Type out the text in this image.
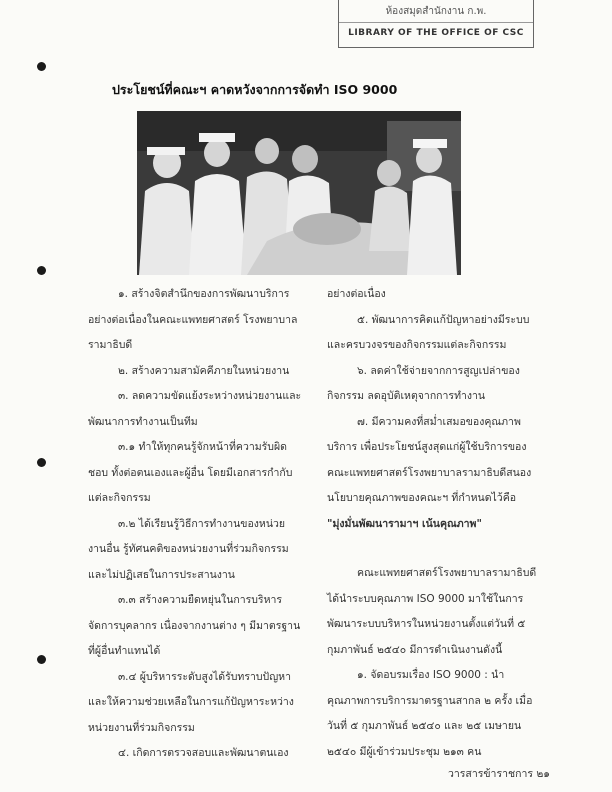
ห้องสมุดสำนักงาน ก.พ.
LIBRARY OF THE OFFICE OF CSC
ประโยชน์ที่คณะฯ คาดหวังจากการจัดทำ ISO 9000

๑. สร้างจิตสำนึกของการพัฒนาบริการอย่างต่อเนื่องในคณะแพทยศาสตร์ โรงพยาบาลรามาธิบดี

๒. สร้างความสามัคคีภายในหน่วยงาน

๓. ลดความขัดแย้งระหว่างหน่วยงานและพัฒนาการทำงานเป็นทีม

๓.๑ ทำให้ทุกคนรู้จักหน้าที่ความรับผิดชอบ ทั้งต่อตนเองและผู้อื่น โดยมีเอกสารกำกับแต่ละกิจกรรม

๓.๒ ได้เรียนรู้วิธีการทำงานของหน่วยงานอื่น รู้ทัศนคติของหน่วยงานที่ร่วมกิจกรรม และไม่ปฏิเสธในการประสานงาน

๓.๓ สร้างความยืดหยุ่นในการบริหารจัดการบุคลากร เนื่องจากงานต่าง ๆ มีมาตรฐานที่ผู้อื่นทำแทนได้

๓.๔ ผู้บริหารระดับสูงได้รับทราบปัญหาและให้ความช่วยเหลือในการแก้ปัญหาระหว่างหน่วยงานที่ร่วมกิจกรรม

๔. เกิดการตรวจสอบและพัฒนาตนเอง

อย่างต่อเนื่อง

๕. พัฒนาการคิดแก้ปัญหาอย่างมีระบบและครบวงจรของกิจกรรมแต่ละกิจกรรม

๖. ลดค่าใช้จ่ายจากการสูญเปล่าของกิจกรรม ลดอุบัติเหตุจากการทำงาน

๗. มีความคงที่สม่ำเสมอของคุณภาพบริการ เพื่อประโยชน์สูงสุดแก่ผู้ใช้บริการของคณะแพทยศาสตร์โรงพยาบาลรามาธิบดีสนองนโยบายคุณภาพของคณะฯ ที่กำหนดไว้คือ

"มุ่งมั่นพัฒนารามาฯ เน้นคุณภาพ"

คณะแพทยศาสตร์โรงพยาบาลรามาธิบดี ได้นำระบบคุณภาพ ISO 9000 มาใช้ในการพัฒนาระบบบริหารในหน่วยงานตั้งแต่วันที่ ๕ กุมภาพันธ์ ๒๕๔๐ มีการดำเนินงานดังนี้

๑. จัดอบรมเรื่อง ISO 9000 : นำคุณภาพการบริการมาตรฐานสากล ๒ ครั้ง เมื่อวันที่ ๕ กุมภาพันธ์ ๒๕๔๐ และ ๒๕ เมษายน ๒๕๔๐ มีผู้เข้าร่วมประชุม ๒๑๓ คน

วารสารข้าราชการ ๒๑
